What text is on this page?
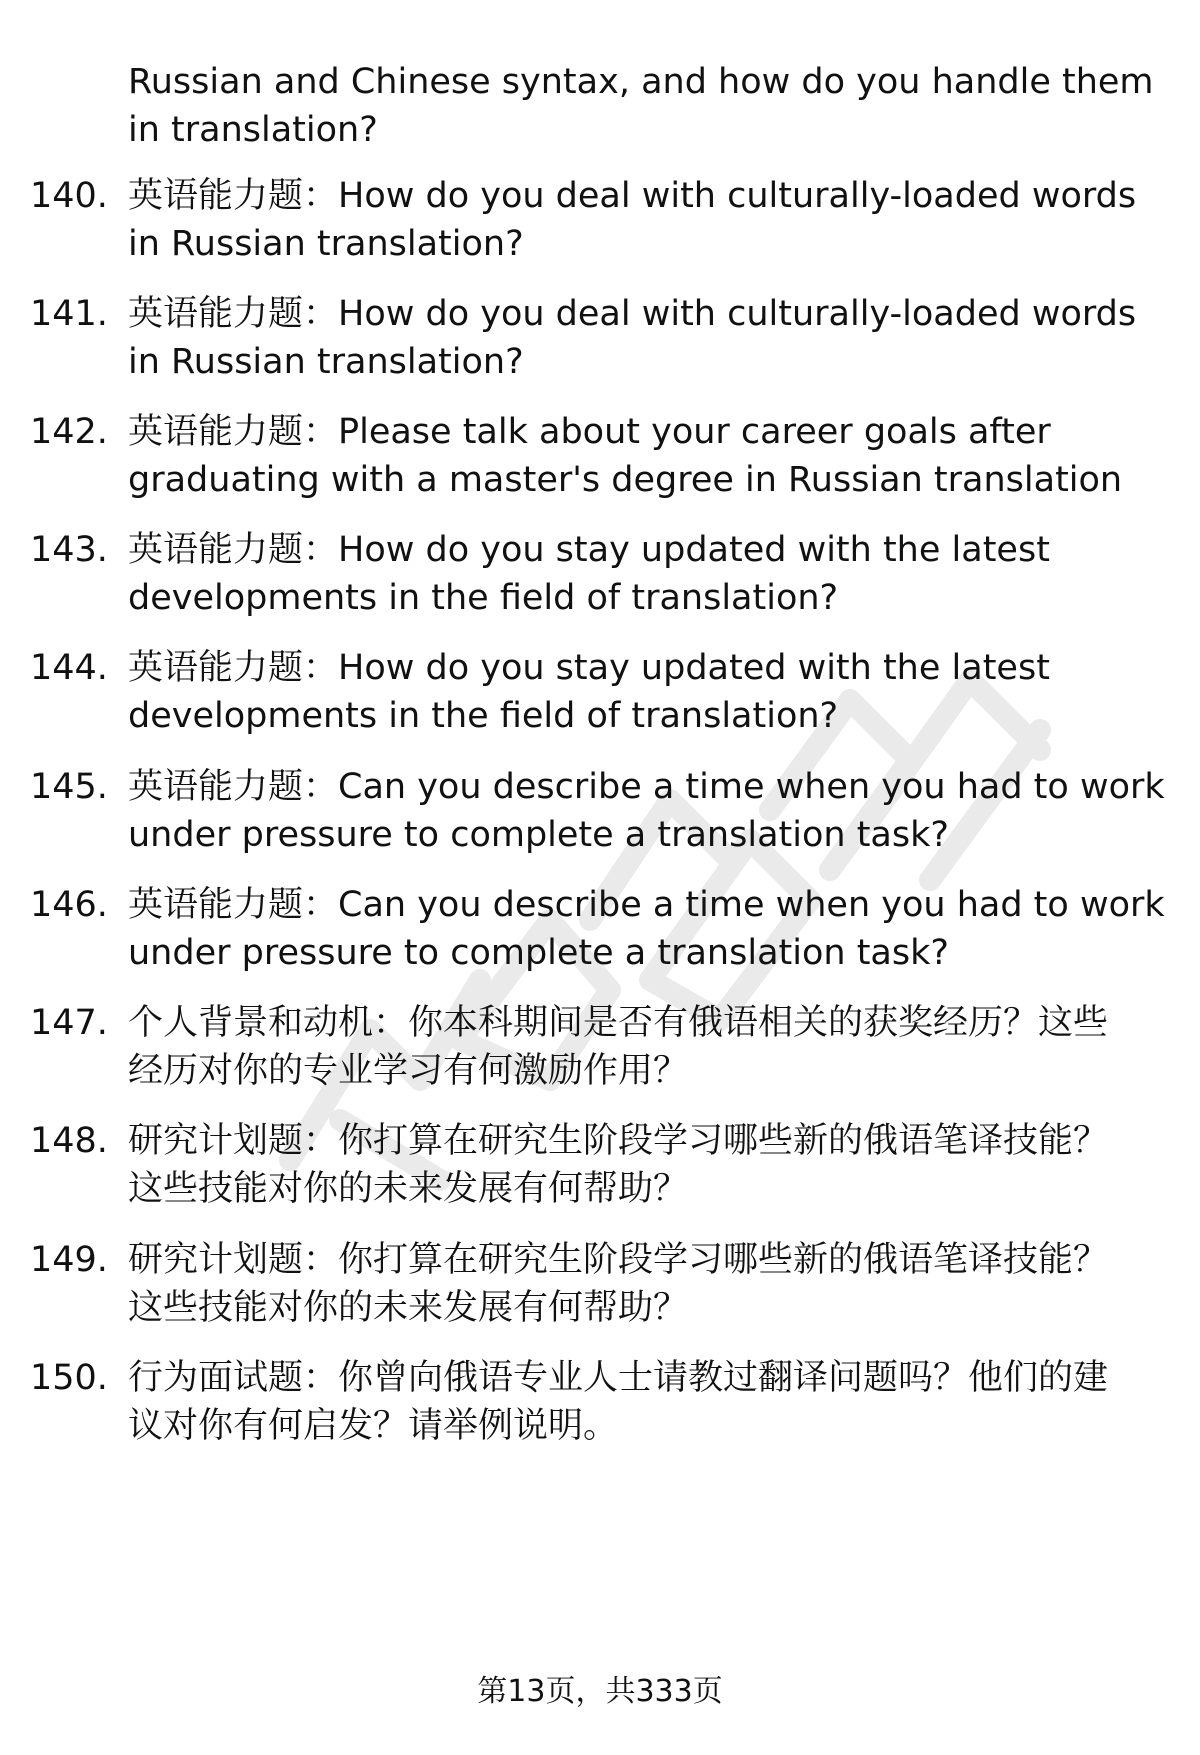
Russian and Chinese syntax, and how do you handle them
in translation?
140. 英语能力题：How do you deal with culturally-loaded words
in Russian translation?
141. 英语能力题：How do you deal with culturally-loaded words
in Russian translation?
142. 英语能力题：Please talk about your career goals after
graduating with a master's degree in Russian translation
143. 英语能力题：How do you stay updated with the latest
developments in the field of translation?
144. 英语能力题：How do you stay updated with the latest
developments in the field of translation?
145. 英语能力题：Can you describe a time when you had to work
under pressure to complete a translation task?
146. 英语能力题：Can you describe a time when you had to work
under pressure to complete a translation task?
147. 个人背景和动机：你本科期间是否有俄语相关的获奖经历？这些
经历对你的专业学习有何激励作用？
148. 研究计划题：你打算在研究生阶段学习哪些新的俄语笔译技能？
这些技能对你的未来发展有何帮助？
149. 研究计划题：你打算在研究生阶段学习哪些新的俄语笔译技能？
这些技能对你的未来发展有何帮助？
150. 行为面试题：你曾向俄语专业人士请教过翻译问题吗？他们的建
议对你有何启发？请举例说明。
第13页，共333页
